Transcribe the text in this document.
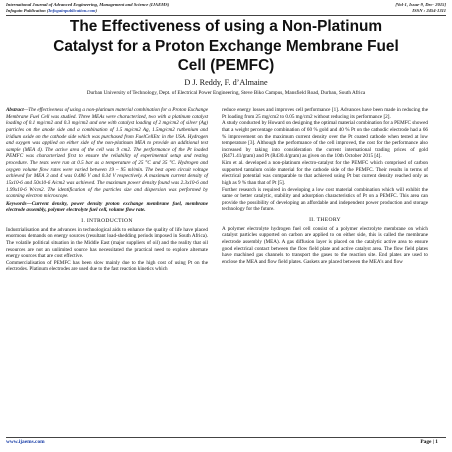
International Journal of Advanced Engineering, Management and Science (IJAEMS)	[Vol-1, Issue-9, Dec- 2015]
Infogain Publication (Infogainpublication.com)	ISSN : 2454-1311
The Effectiveness of using a Non-Platinum
Catalyst for a Proton Exchange Membrane Fuel
Cell (PEMFC)
D J. Reddy, F. d’Almaine
Durban University of Technology, Dept. of Electrical Power Engineering, Steve Biko Campus, Mansfield Road, Durban, South Africa

Abstract—The effectiveness of using a non-platinum material combination for a Proton Exchange Membrane Fuel Cell was studied. Three MEAs were characterized, two with a platinum catalyst loading of 0.1 mg/cm2 and 0.3 mg/cm2 and one with catalyst loading of 2 mg/cm2 of silver (Ag) particles on the anode side and a combination of 1.5 mg/cm2 Ag, 1.5mg/cm2 ruthenium and iridium oxide on the cathode side which was purchased from FuelCellEtc in the USA. Hydrogen and oxygen was applied on either side of the non-platinum MEA to provide an additional test sample (MEA 4). The active area of the cell was 9 cm2. The performance of the Pt loaded PEMFC was characterized first to ensure the reliability of experimental setup and testing procedure. The tests were run at 0.5 bar as a temperature of 25 °C and 35 °C. Hydrogen and oxygen volume flow rates were varied between 19 – 95 ml/min. The best open circuit voltage achieved for MEA 3 and 4 was 0.486 V and 0.34 V respectively. A maximum current density of 15x10-6 and 50x10-6 A/cm2 was achieved. The maximum power density found was 2.3x10-6 and 1.99x10-6 W/cm2. The identification of the particles size and dispersion was performed by scanning electron microscope.

Keywords—Current density, power density proton exchange membrane fuel, membrane electrode assembly, polymer electrolyte fuel cell, volume flow rate.

I. INTRODUCTION

Industrialisation and the advances in technological aids to enhance the quality of life have placed enormous demands on energy sources (resultant load-shedding periods imposed in South Africa). The volatile political situation in the Middle East (major suppliers of oil) and the reality that oil resources are not an unlimited source has necessitated the practical need to explore alternate energy sources that are cost effective.

Commercialisation of PEMFC has been slow mainly due to the high cost of using Pt on the electrodes. Platinum electrodes are used due to the fast reaction kinetics which

reduce energy losses and improves cell performance [1]. Advances have been made in reducing the Pt loading from 25 mg/cm2 to 0.05 mg/cm2 without reducing its performance [2].

A study conducted by Howard on designing the optimal material combination for a PEMFC showed that a weight percentage combination of 60 % gold and 40 % Pt on the cathodic electrode had a 66 % improvement on the maximum current density over the Pt coated cathode when tested at low temperature [3]. Although the performance of the cell improved, the cost for the performance also increased by taking into consideration the current international trading prices of gold (R471.41/gram) and Pt (R430.4/gram) as given on the 10th October 2015 [4].

Kim et al. developed a non-platinum electro-catalyst for the PEMFC which comprised of carbon supported tantalum oxide material for the cathode side of the PEMFC. Their results in terms of electrical potential was comparable to that achieved using Pt but current density reached only as high as 9 % than that of Pt [5].

Further research is required in developing a low cost material combination which will exhibit the same or better catalytic, stability and adsorption characteristics of Pt on a PEMFC. This area can provide the possibility of developing an affordable and independent power production and storage technology for the future.

II. THEORY

A polymer electrolyte hydrogen fuel cell consist of a polymer electrolyte membrane on which catalyst particles supported on carbon are applied to on either side, this is called the membrane electrode assembly (MEA). A gas diffusion layer is placed on the catalytic active area to ensure good electrical contact between the flow field plate and active catalyst area. The flow field plates have machined gas channels to transport the gases to the reaction site. End plates are used to enclose the MEA and flow field plates. Gaskets are placed between the MEA’s and flow

www.ijaems.com	Page | 1
